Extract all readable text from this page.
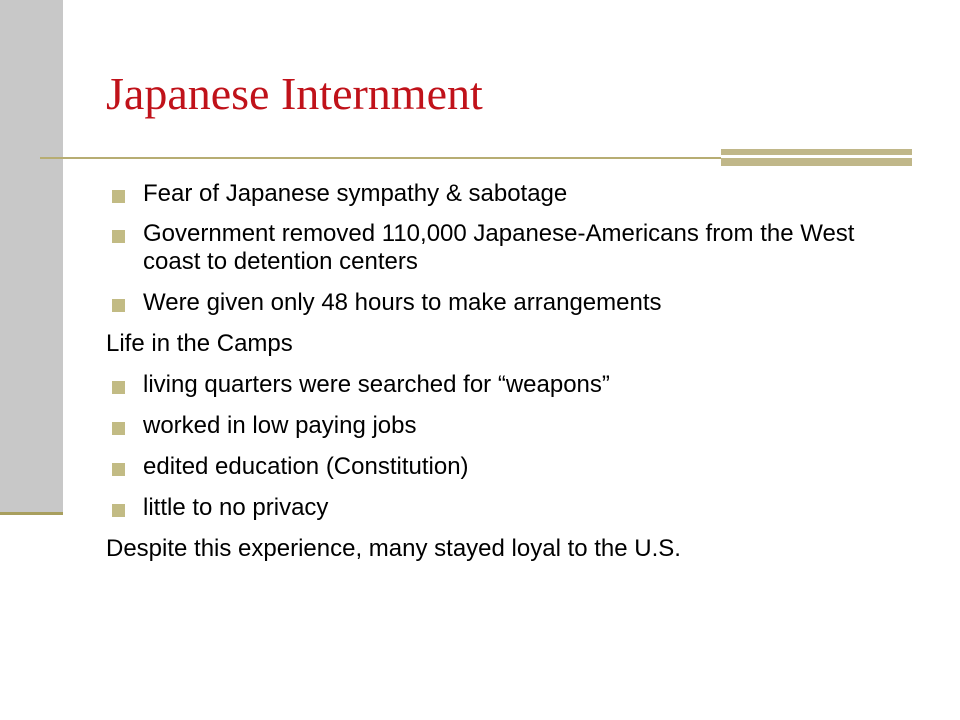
Japanese Internment
Fear of Japanese sympathy & sabotage
Government removed 110,000 Japanese-Americans from the West coast to detention centers
Were given only 48 hours to make arrangements
Life in the Camps
living quarters were searched for “weapons”
worked in low paying jobs
edited education (Constitution)
little to no privacy
Despite this experience, many stayed loyal to the U.S.
